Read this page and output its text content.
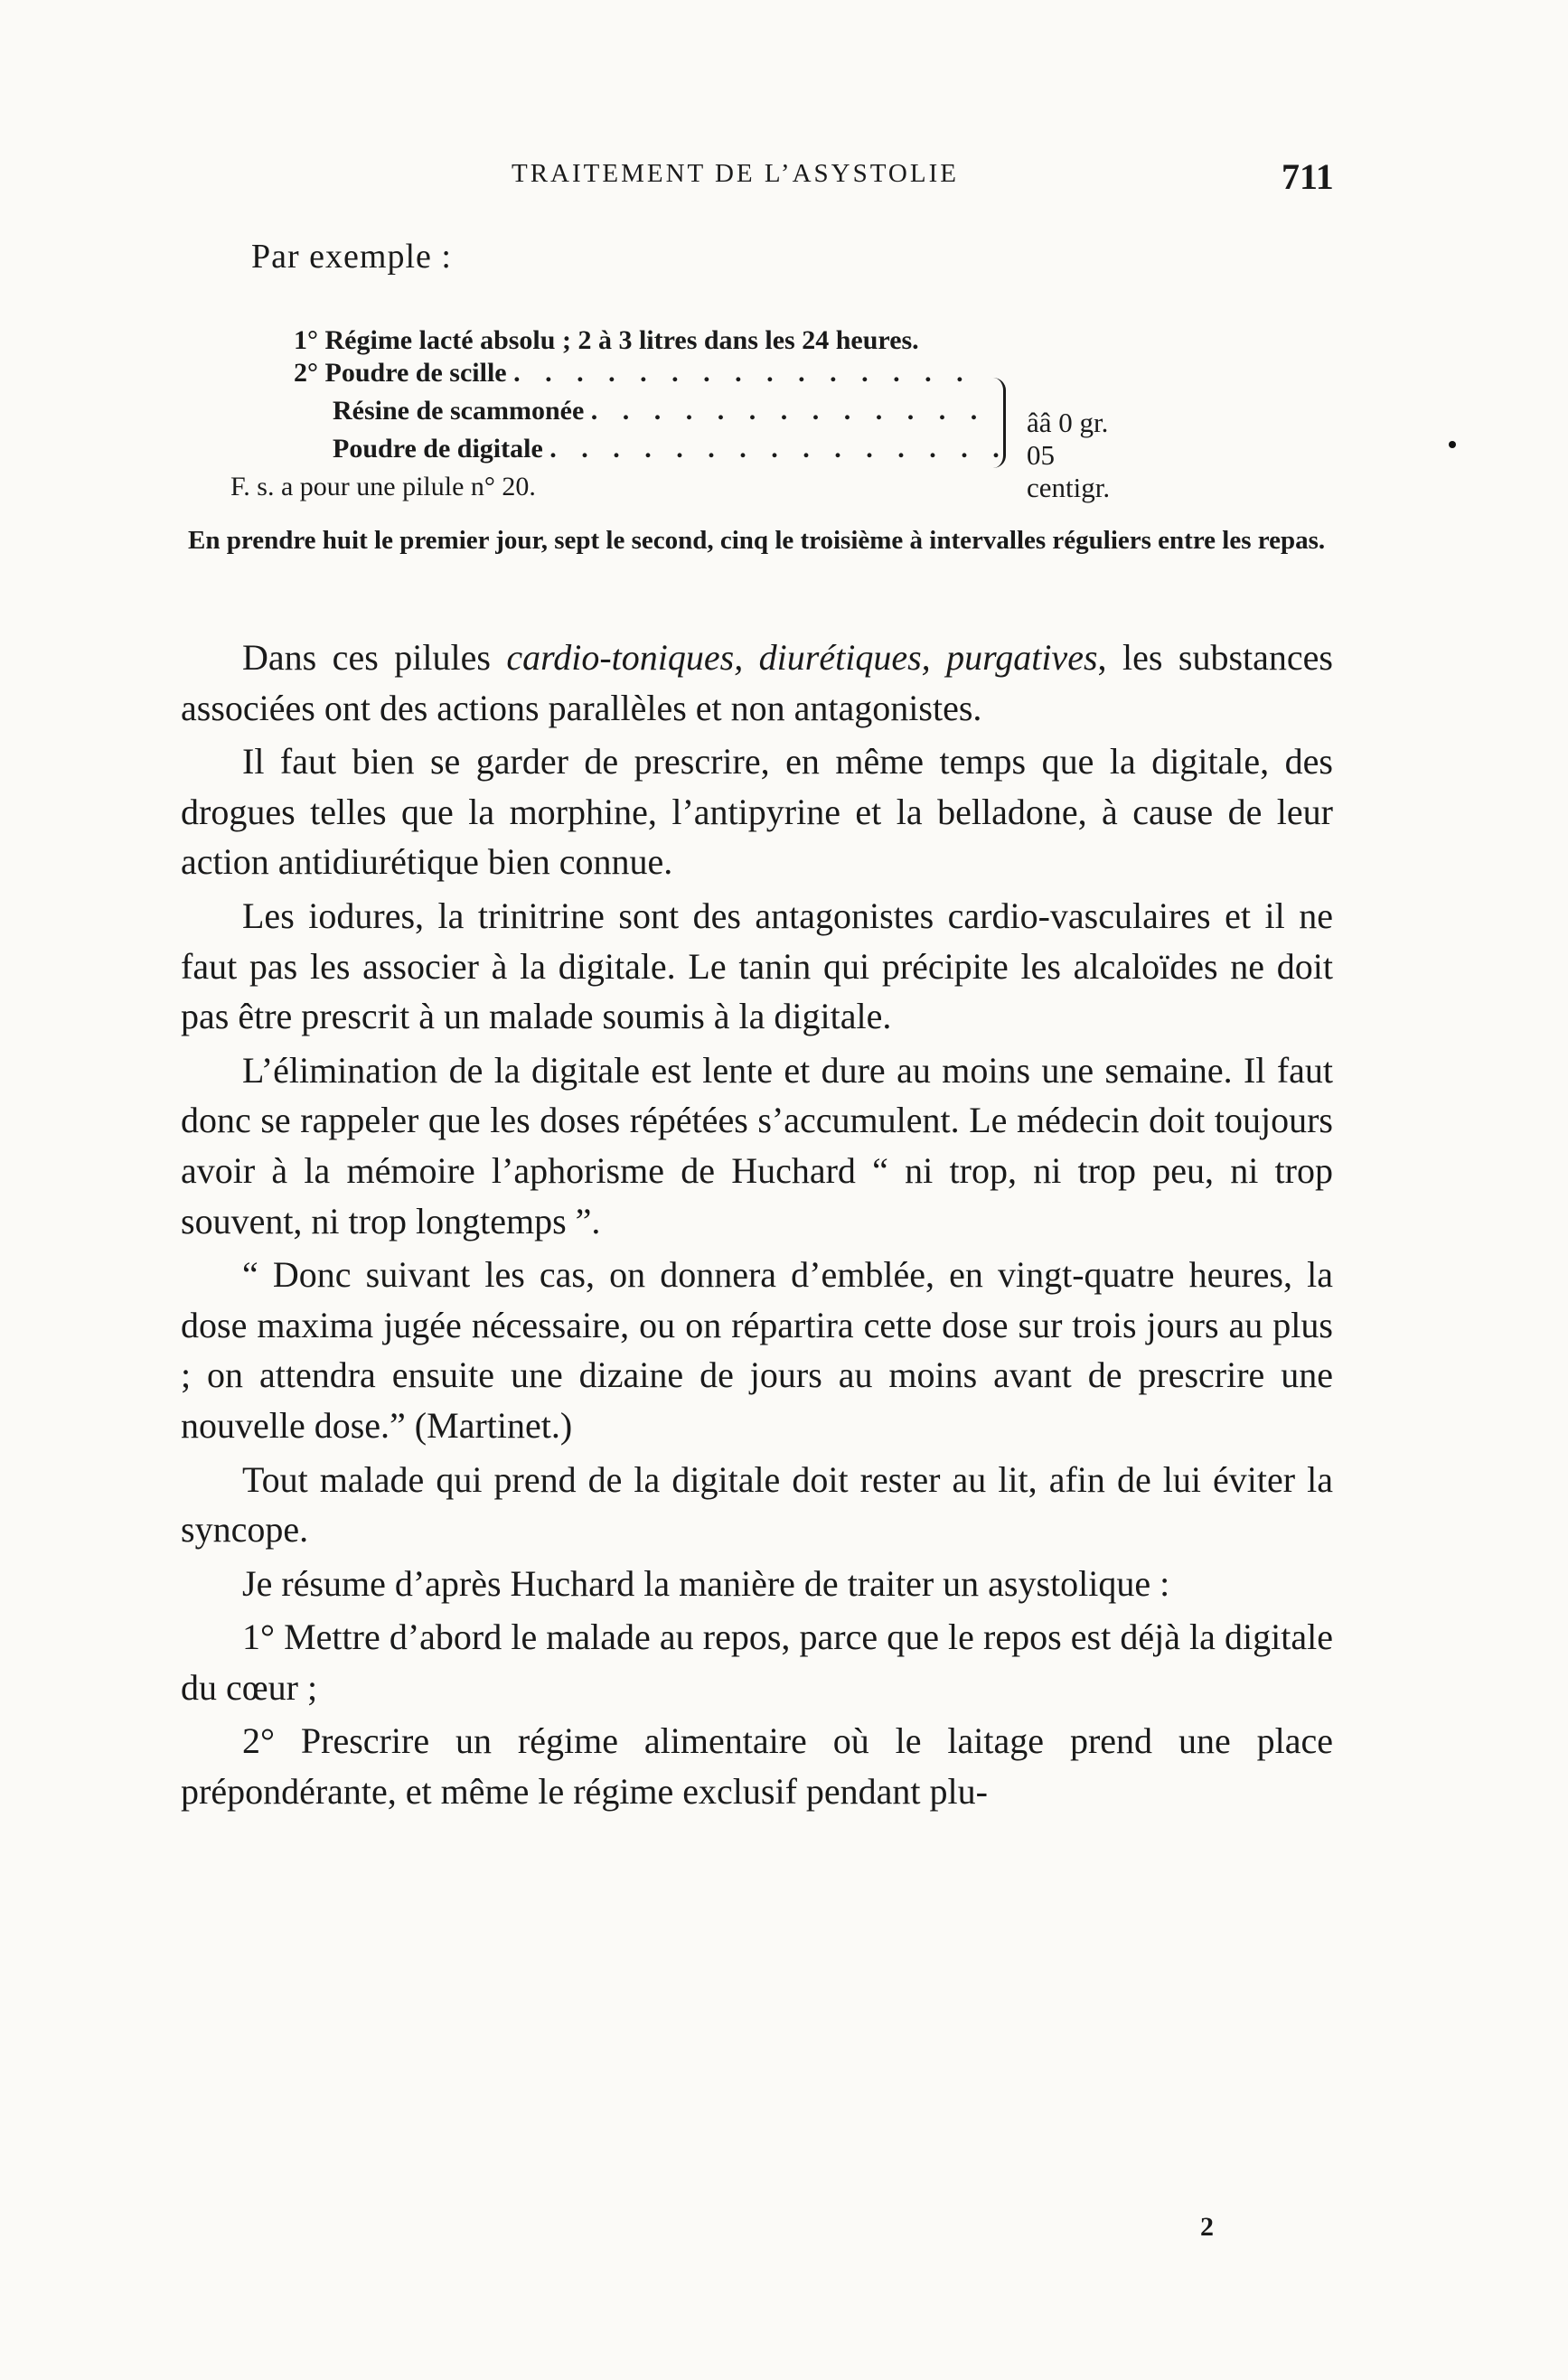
TRAITEMENT DE L’ASYSTOLIE	711
Par exemple :
1° Régime lacté absolu ; 2 à 3 litres dans les 24 heures.
2° Poudre de scille . . . . . . . . . . . . . . .
Résine de scammonée . . . . . . . . . . . . .
Poudre de digitale . . . . . . . . . . . . . . .
ââ 0 gr. 05 centigr.
F. s. a pour une pilule n° 20.
En prendre huit le premier jour, sept le second, cinq le troisième à intervalles réguliers entre les repas.

Dans ces pilules cardio-toniques, diurétiques, purgatives, les substances associées ont des actions parallèles et non antagonistes.

Il faut bien se garder de prescrire, en même temps que la digitale, des drogues telles que la morphine, l’antipyrine et la belladone, à cause de leur action antidiurétique bien connue.

Les iodures, la trinitrine sont des antagonistes cardio-vasculaires et il ne faut pas les associer à la digitale. Le tanin qui précipite les alcaloïdes ne doit pas être prescrit à un malade soumis à la digitale.

L’élimination de la digitale est lente et dure au moins une semaine. Il faut donc se rappeler que les doses répétées s’accumulent. Le médecin doit toujours avoir à la mémoire l’aphorisme de Huchard “ ni trop, ni trop peu, ni trop souvent, ni trop longtemps ”.

“ Donc suivant les cas, on donnera d’emblée, en vingt-quatre heures, la dose maxima jugée nécessaire, ou on répartira cette dose sur trois jours au plus ; on attendra ensuite une dizaine de jours au moins avant de prescrire une nouvelle dose.” (Martinet.)

Tout malade qui prend de la digitale doit rester au lit, afin de lui éviter la syncope.

Je résume d’après Huchard la manière de traiter un asystolique :

1° Mettre d’abord le malade au repos, parce que le repos est déjà la digitale du cœur ;

2° Prescrire un régime alimentaire où le laitage prend une place prépondérante, et même le régime exclusif pendant plu-

2
